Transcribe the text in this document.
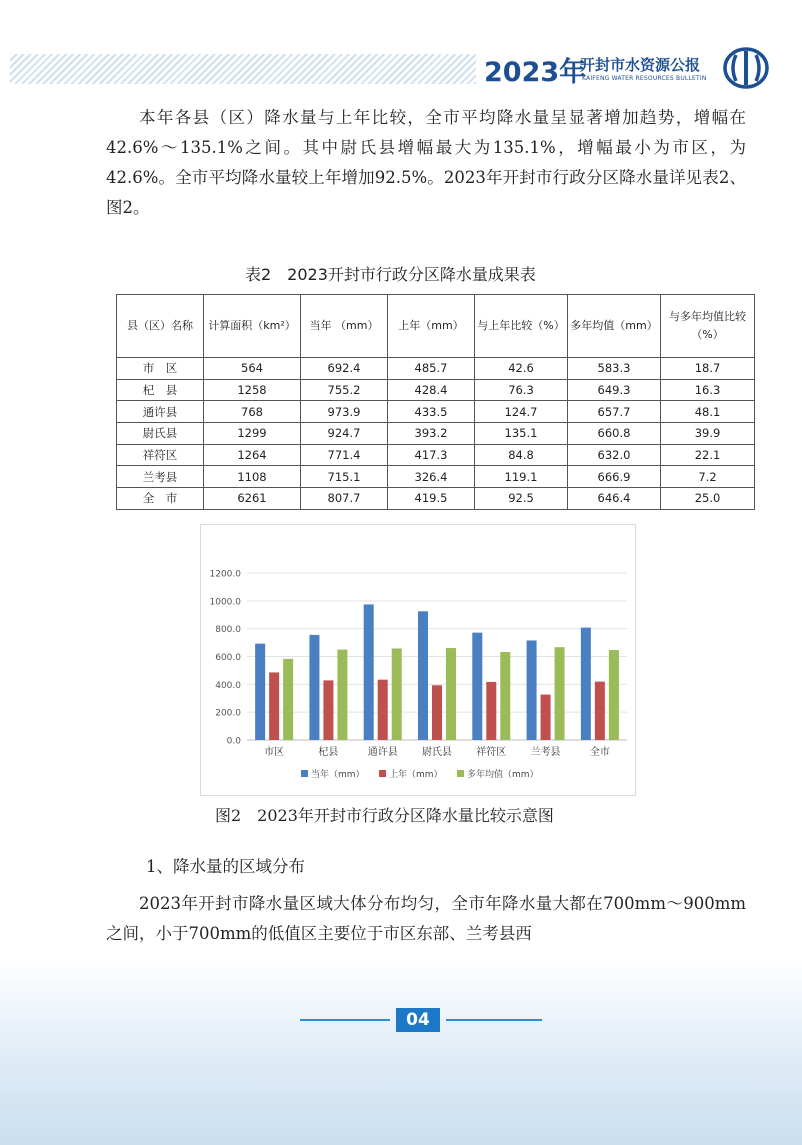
2023年
开封市水资源公报
KAIFENG WATER RESOURCES BULLETIN

本年各县（区）降水量与上年比较，全市平均降水量呈显著增加趋势，增幅在42.6%～135.1%之间。其中尉氏县增幅最大为135.1%，增幅最小为市区，为42.6%。全市平均降水量较上年增加92.5%。2023年开封市行政分区降水量详见表2、图2。

表2　2023开封市行政分区降水量成果表
县（区）名称	计算面积（km²）	当年 （mm）	上年（mm）	与上年比较（%）	多年均值（mm）	与多年均值比较（%）
市　区	564	692.4	485.7	42.6	583.3	18.7
杞　县	1258	755.2	428.4	76.3	649.3	16.3
通许县	768	973.9	433.5	124.7	657.7	48.1
尉氏县	1299	924.7	393.2	135.1	660.8	39.9
祥符区	1264	771.4	417.3	84.8	632.0	22.1
兰考县	1108	715.1	326.4	119.1	666.9	7.2
全　市	6261	807.7	419.5	92.5	646.4	25.0
0.0
200.0
400.0
600.0
800.0
1000.0
1200.0
市区	杞县	通许县 尉氏县 祥符区 兰考县	全市
当年（mm）	上年（mm）	多年均值（mm）
图2　2023年开封市行政分区降水量比较示意图
1、降水量的区域分布

2023年开封市降水量区域大体分布均匀，全市年降水量大都在700mm～900mm之间，小于700mm的低值区主要位于市区东部、兰考县西

04
